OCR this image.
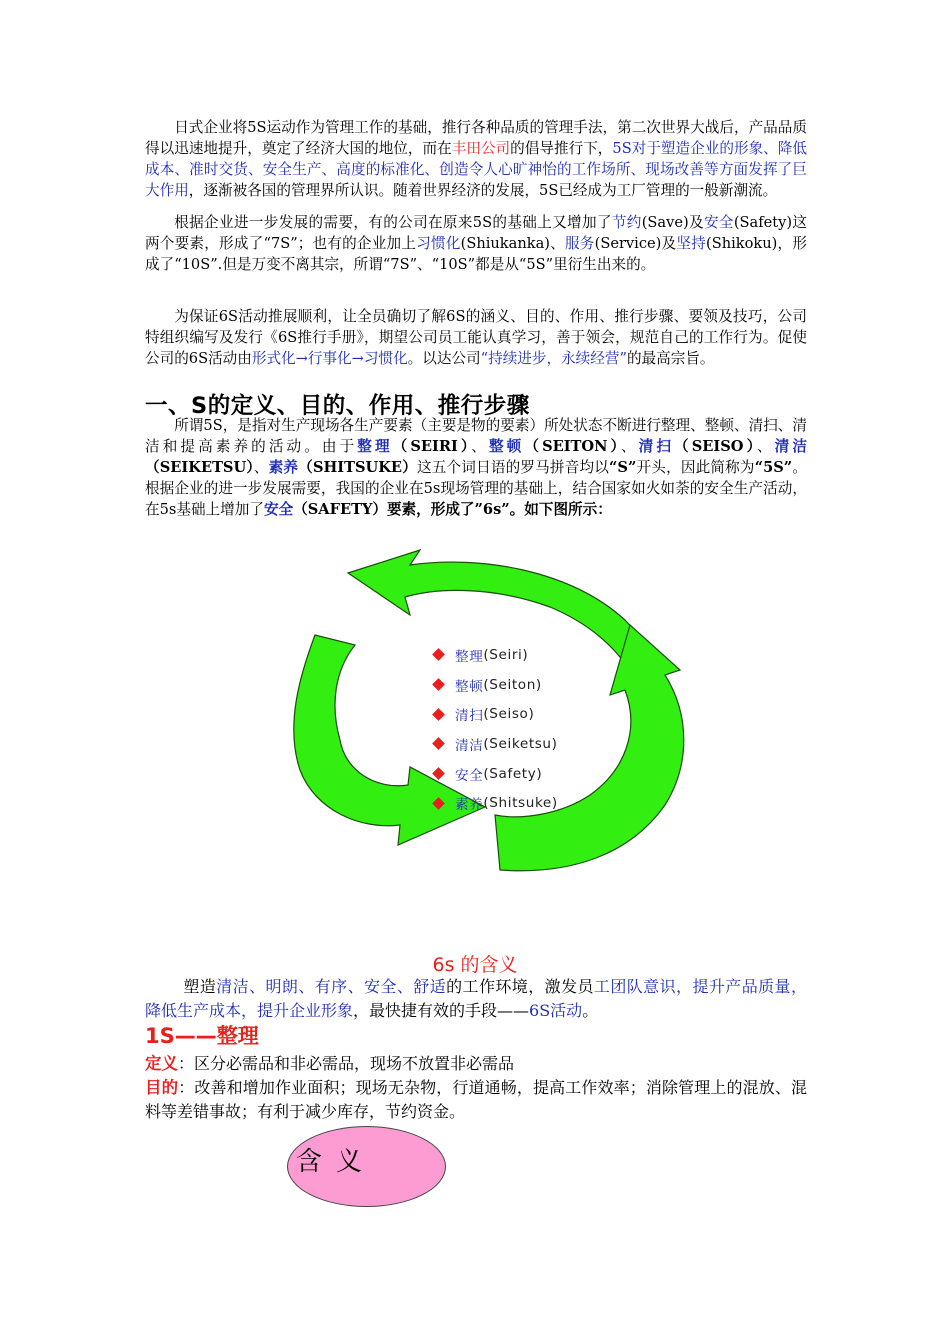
日式企业将5S运动作为管理工作的基础，推行各种品质的管理手法，第二次世界大战后，产品品质得以迅速地提升，奠定了经济大国的地位，而在丰田公司的倡导推行下，5S对于塑造企业的形象、降低成本、准时交货、安全生产、高度的标准化、创造令人心旷神怡的工作场所、现场改善等方面发挥了巨大作用，逐渐被各国的管理界所认识。随着世界经济的发展，5S已经成为工厂管理的一般新潮流。

根据企业进一步发展的需要，有的公司在原来5S的基础上又增加了节约(Save)及安全(Safety)这两个要素，形成了“7S”；也有的企业加上习惯化(Shiukanka)、服务(Service)及坚持(Shikoku)，形成了“10S”.但是万变不离其宗，所谓“7S”、“10S”都是从“5S”里衍生出来的。

为保证6S活动推展顺利，让全员确切了解6S的涵义、目的、作用、推行步骤、要领及技巧，公司特组织编写及发行《6S推行手册》，期望公司员工能认真学习，善于领会，规范自己的工作行为。促使公司的6S活动由形式化→行事化→习惯化。以达公司“持续进步，永续经营”的最高宗旨。

一、S的定义、目的、作用、推行步骤

所谓5S，是指对生产现场各生产要素（主要是物的要素）所处状态不断进行整理、整顿、清扫、清洁和提高素养的活动。由于整理（SEIRI）、整顿（SEITON）、清扫（SEISO）、清洁（SEIKETSU）、素养（SHITSUKE）这五个词日语的罗马拼音均以“S”开头，因此简称为“5S”。根据企业的进一步发展需要，我国的企业在5s现场管理的基础上，结合国家如火如荼的安全生产活动，在5s基础上增加了安全（SAFETY）要素，形成了”6s”。如下图所示：

整理 (Seiri)
整顿 (Seiton)
清扫 (Seiso)
清洁 (Seiketsu)
安全 (Safety)
素养 (Shitsuke)
6s 的含义

塑造清洁、明朗、有序、安全、舒适的工作环境，激发员工团队意识，提升产品质量，降低生产成本，提升企业形象，最快捷有效的手段——6S活动。

1S——整理

定义：区分必需品和非必需品，现场不放置非必需品

目的：改善和增加作业面积；现场无杂物，行道通畅，提高工作效率；消除管理上的混放、混料等差错事故；有利于减少库存，节约资金。

含义
